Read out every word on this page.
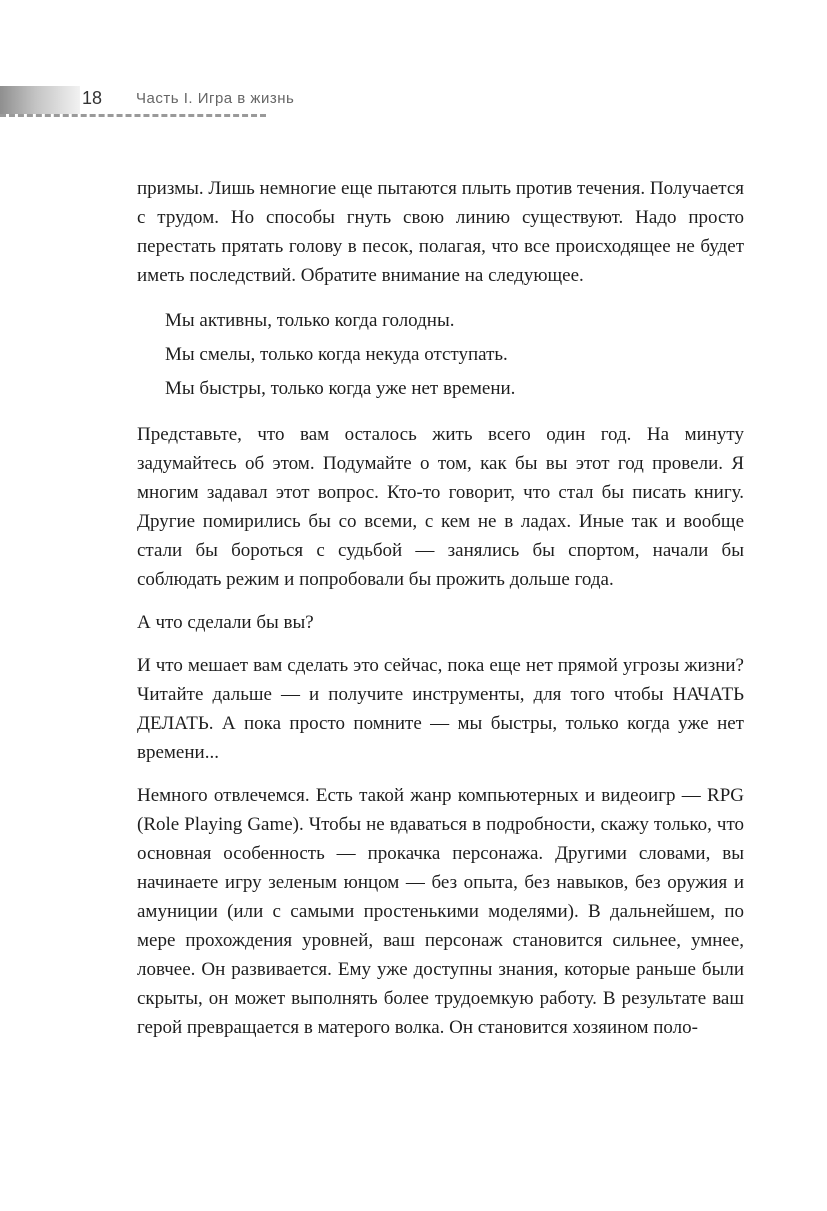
18 Часть I. Игра в жизнь

призмы. Лишь немногие еще пытаются плыть против течения. Получается с трудом. Но способы гнуть свою линию существуют. Надо просто перестать прятать голову в песок, полагая, что все происходящее не будет иметь последствий. Обратите внимание на следующее.

Мы активны, только когда голодны.
Мы смелы, только когда некуда отступать.
Мы быстры, только когда уже нет времени.

Представьте, что вам осталось жить всего один год. На минуту задумайтесь об этом. Подумайте о том, как бы вы этот год провели. Я многим задавал этот вопрос. Кто-то говорит, что стал бы писать книгу. Другие помирились бы со всеми, с кем не в ладах. Иные так и вообще стали бы бороться с судьбой — занялись бы спортом, начали бы соблюдать режим и попробовали бы прожить дольше года.

А что сделали бы вы?

И что мешает вам сделать это сейчас, пока еще нет прямой угрозы жизни? Читайте дальше — и получите инструменты, для того чтобы НАЧАТЬ ДЕЛАТЬ. А пока просто помните — мы быстры, только когда уже нет времени...

Немного отвлечемся. Есть такой жанр компьютерных и видеоигр — RPG (Role Playing Game). Чтобы не вдаваться в подробности, скажу только, что основная особенность — прокачка персонажа. Другими словами, вы начинаете игру зеленым юнцом — без опыта, без навыков, без оружия и амуниции (или с самыми простенькими моделями). В дальнейшем, по мере прохождения уровней, ваш персонаж становится сильнее, умнее, ловчее. Он развивается. Ему уже доступны знания, которые раньше были скрыты, он может выполнять более трудоемкую работу. В результате ваш герой превращается в матерого волка. Он становится хозяином поло-
